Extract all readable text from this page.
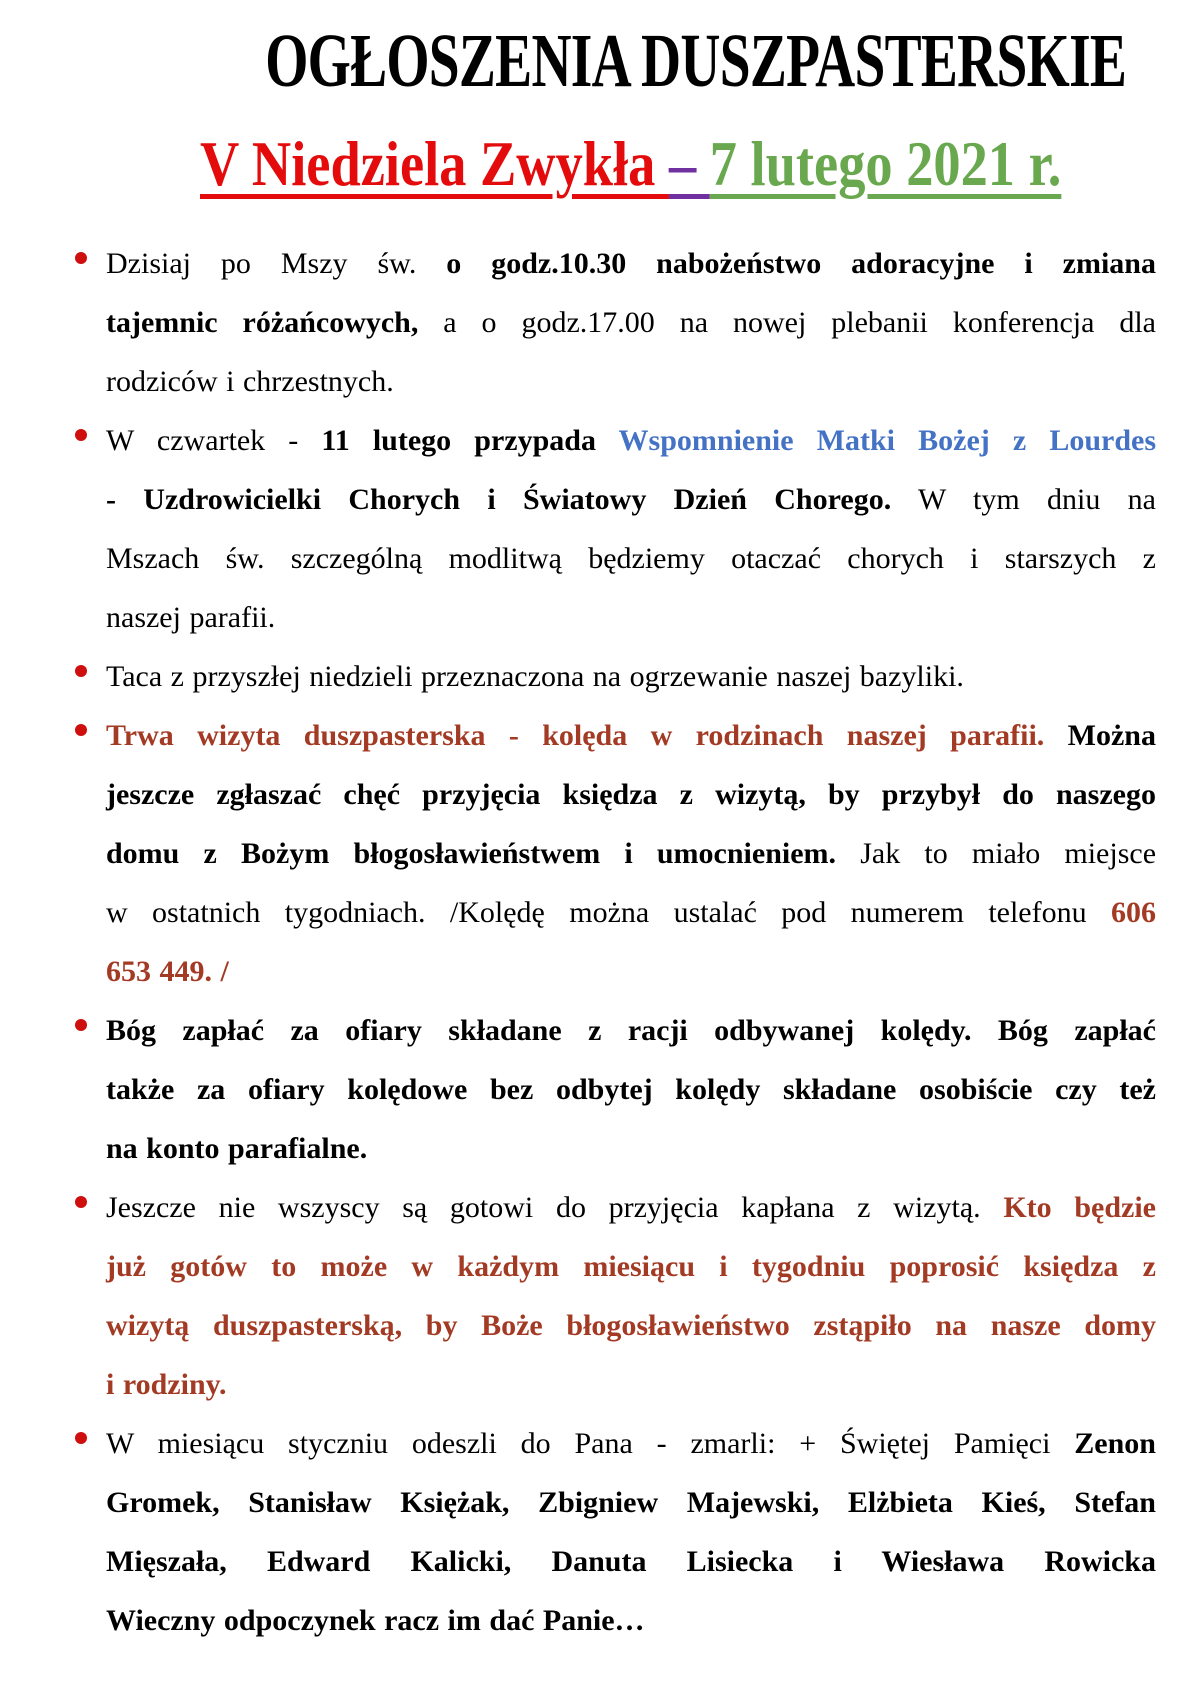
OGŁOSZENIA DUSZPASTERSKIE
V Niedziela Zwykła – 7 lutego 2021 r.
Dzisiaj po Mszy św. o godz.10.30 nabożeństwo adoracyjne i zmiana
tajemnic różańcowych, a o godz.17.00 na nowej plebanii konferencja dla
rodziców i chrzestnych.
W czwartek - 11 lutego przypada Wspomnienie Matki Bożej z Lourdes
- Uzdrowicielki Chorych i Światowy Dzień Chorego. W tym dniu na
Mszach św. szczególną modlitwą będziemy otaczać chorych i starszych z
naszej parafii.
Taca z przyszłej niedzieli przeznaczona na ogrzewanie naszej bazyliki.
Trwa wizyta duszpasterska - kolęda w rodzinach naszej parafii. Można
jeszcze zgłaszać chęć przyjęcia księdza z wizytą, by przybył do naszego
domu z Bożym błogosławieństwem i umocnieniem. Jak to miało miejsce
w ostatnich tygodniach. /Kolędę można ustalać pod numerem telefonu 606
653 449. /
Bóg zapłać za ofiary składane z racji odbywanej kolędy. Bóg zapłać
także za ofiary kolędowe bez odbytej kolędy składane osobiście czy też
na konto parafialne.
Jeszcze nie wszyscy są gotowi do przyjęcia kapłana z wizytą. Kto będzie
już gotów to może w każdym miesiącu i tygodniu poprosić księdza z
wizytą duszpasterską, by Boże błogosławieństwo zstąpiło na nasze domy
i rodziny.
W miesiącu styczniu odeszli do Pana - zmarli: + Świętej Pamięci Zenon
Gromek, Stanisław Księżak, Zbigniew Majewski, Elżbieta Kieś, Stefan
Mięszała, Edward Kalicki, Danuta Lisiecka i Wiesława Rowicka
Wieczny odpoczynek racz im dać Panie…
